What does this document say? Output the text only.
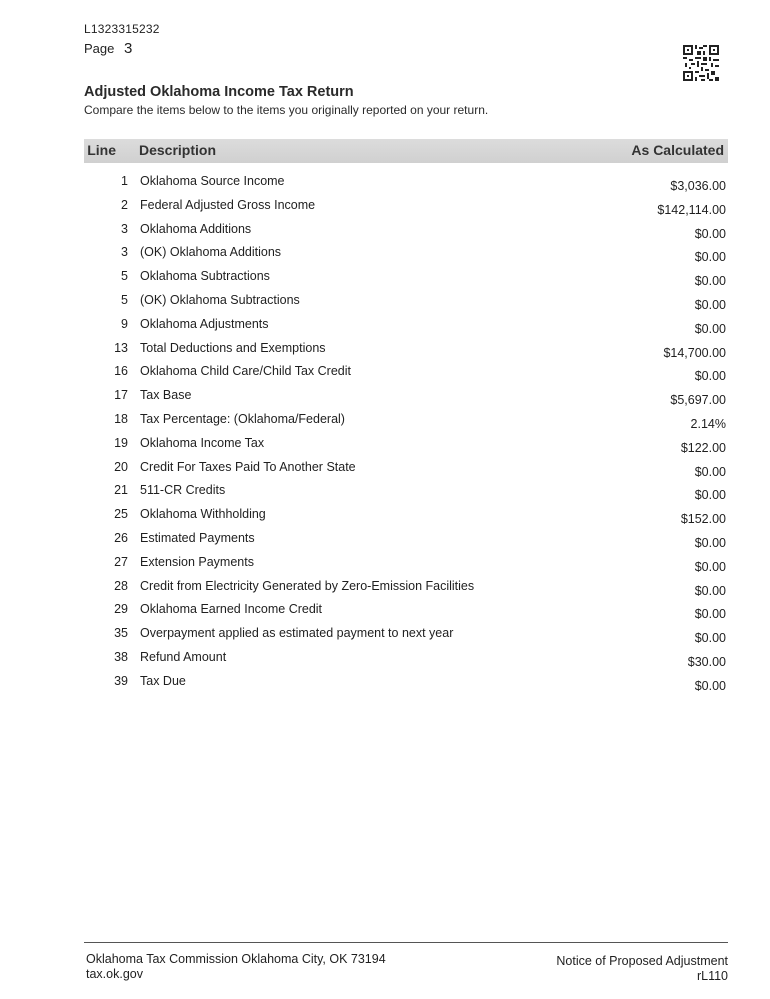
L1323315232
Page 3
Adjusted Oklahoma Income Tax Return
Compare the items below to the items you originally reported on your return.
Line Description	As Calculated
1 Oklahoma Source Income	$3,036.00
2 Federal Adjusted Gross Income	$142,114.00
3 Oklahoma Additions	$0.00
3 (OK) Oklahoma Additions	$0.00
5 Oklahoma Subtractions	$0.00
5 (OK) Oklahoma Subtractions	$0.00
9 Oklahoma Adjustments	$0.00
13 Total Deductions and Exemptions	$14,700.00
16 Oklahoma Child Care/Child Tax Credit	$0.00
17 Tax Base	$5,697.00
18 Tax Percentage: (Oklahoma/Federal)	2.14%
19 Oklahoma Income Tax	$122.00
20 Credit For Taxes Paid To Another State	$0.00
21 511-CR Credits	$0.00
25 Oklahoma Withholding	$152.00
26 Estimated Payments	$0.00
27 Extension Payments	$0.00
28 Credit from Electricity Generated by Zero-Emission Facilities	$0.00
29 Oklahoma Earned Income Credit	$0.00
35 Overpayment applied as estimated payment to next year	$0.00
38 Refund Amount	$30.00
39 Tax Due	$0.00
Oklahoma Tax Commission Oklahoma City, OK 73194
tax.ok.gov
Notice of Proposed Adjustment
rL110
